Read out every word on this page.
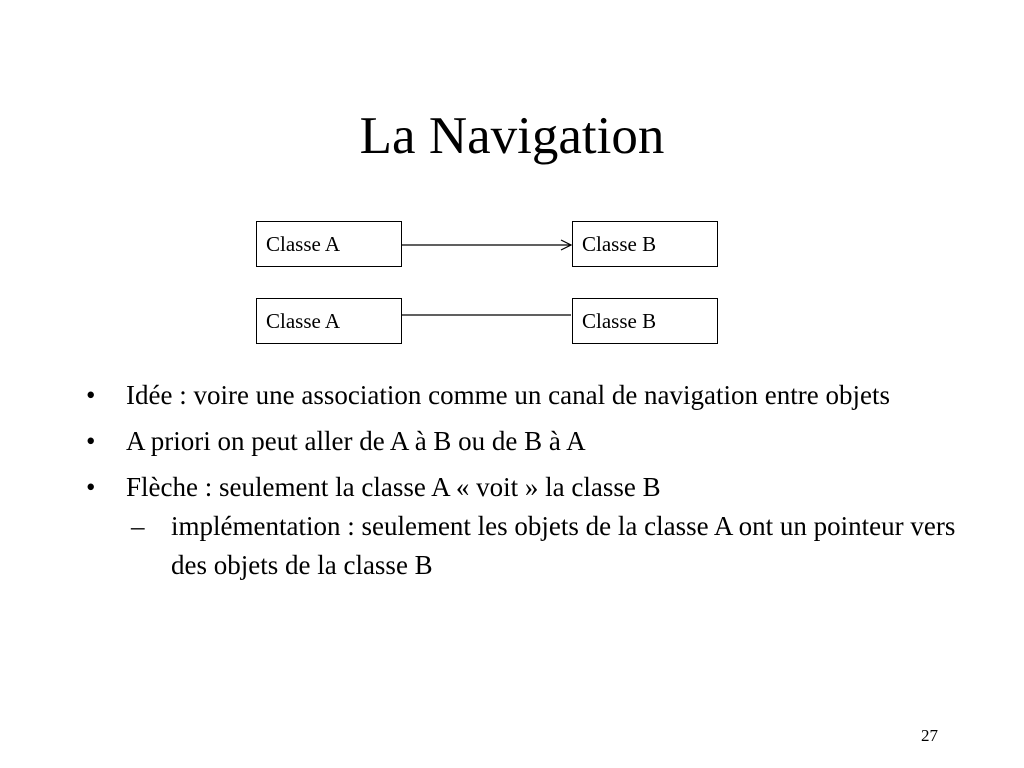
La Navigation
Classe A	Classe B
Classe A	Classe B
• Idée : voire une association comme un canal de navigation entre objets
• A priori on peut aller de A à B ou de B à A
• Flèche : seulement la classe A « voit » la classe B
– implémentation : seulement les objets de la classe A ont un pointeur vers des objets de la classe B
27
